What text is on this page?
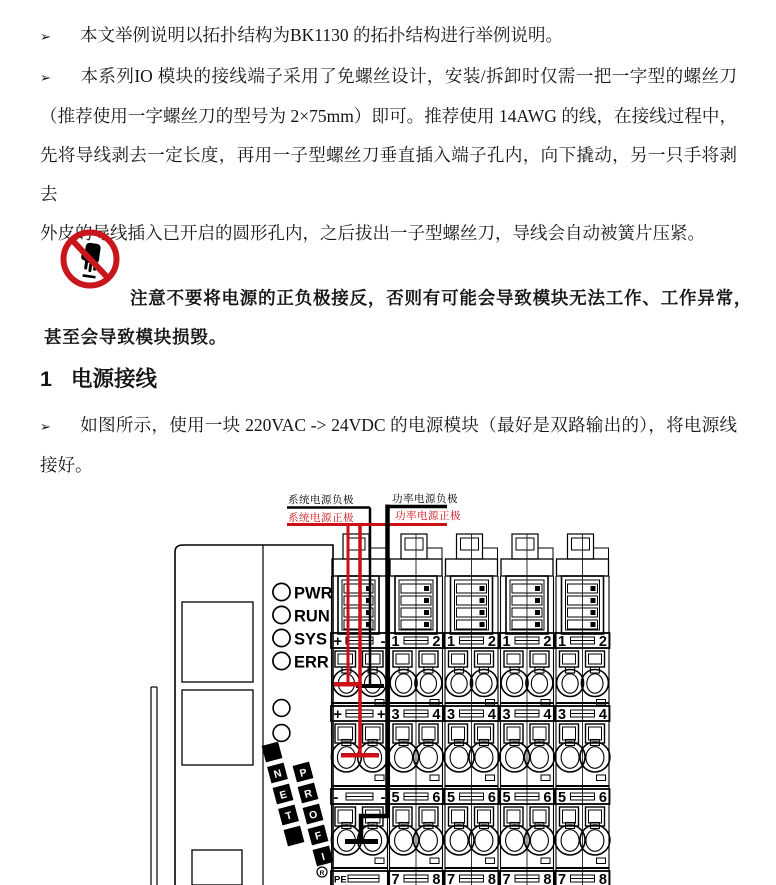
➢ 本文举例说明以拓扑结构为BK1130 的拓扑结构进行举例说明。
➢ 本系列IO 模块的接线端子采用了免螺丝设计，安装/拆卸时仅需一把一字型的螺丝刀
（推荐使用一字螺丝刀的型号为 2×75mm）即可。推荐使用 14AWG 的线，在接线过程中，
先将导线剥去一定长度，再用一子型螺丝刀垂直插入端子孔内，向下撬动，另一只手将剥去
外皮的导线插入已开启的圆形孔内，之后拔出一子型螺丝刀，导线会自动被簧片压紧。
注意不要将电源的正负极接反，否则有可能会导致模块无法工作、工作异常，
甚至会导致模块损毁。
1 电源接线
➢ 如图所示，使用一块 220VAC -> 24VDC 的电源模块（最好是双路输出的），将电源线
接好。
PWR
RUN
SYS
ERR
N
E
T
P
R
O
F
I
R
+	-
+ +
-	-
PE
1 2
3 4
5 6
7 8
1 2
3 4
5 6
7 8
1 2
3 4
5 6
7 8
1 2
3 4
5 6
7 8
系统电源负极
系统电源正极
功率电源负极
功率电源正极
